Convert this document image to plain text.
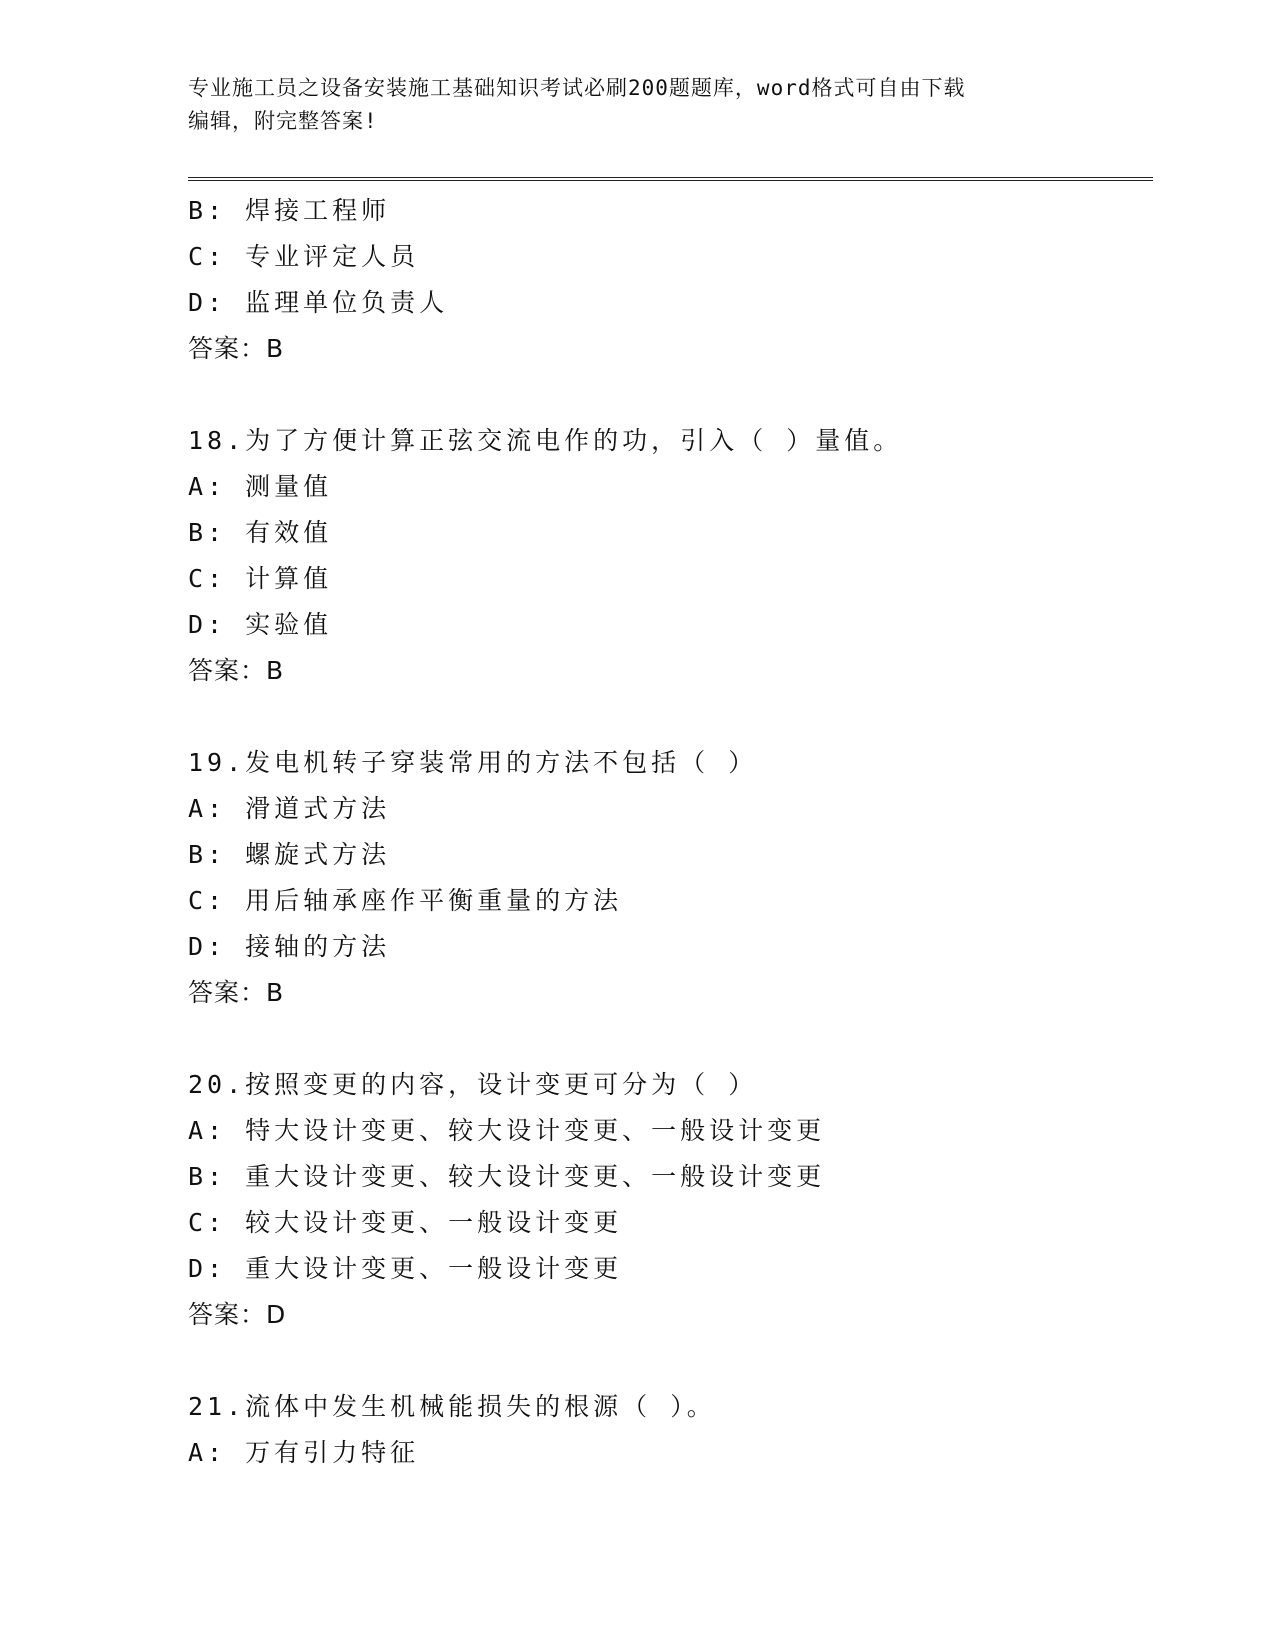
专业施工员之设备安装施工基础知识考试必刷200题题库，word格式可自由下载
编辑，附完整答案!
B: 焊接工程师
C: 专业评定人员
D: 监理单位负责人
答案：B
18.为了方便计算正弦交流电作的功，引入（ ）量值。
A: 测量值
B: 有效值
C: 计算值
D: 实验值
答案：B
19.发电机转子穿装常用的方法不包括（ ）
A: 滑道式方法
B: 螺旋式方法
C: 用后轴承座作平衡重量的方法
D: 接轴的方法
答案：B
20.按照变更的内容，设计变更可分为（ ）
A: 特大设计变更、较大设计变更、一般设计变更
B: 重大设计变更、较大设计变更、一般设计变更
C: 较大设计变更、一般设计变更
D: 重大设计变更、一般设计变更
答案：D
21.流体中发生机械能损失的根源（ ）。
A: 万有引力特征
